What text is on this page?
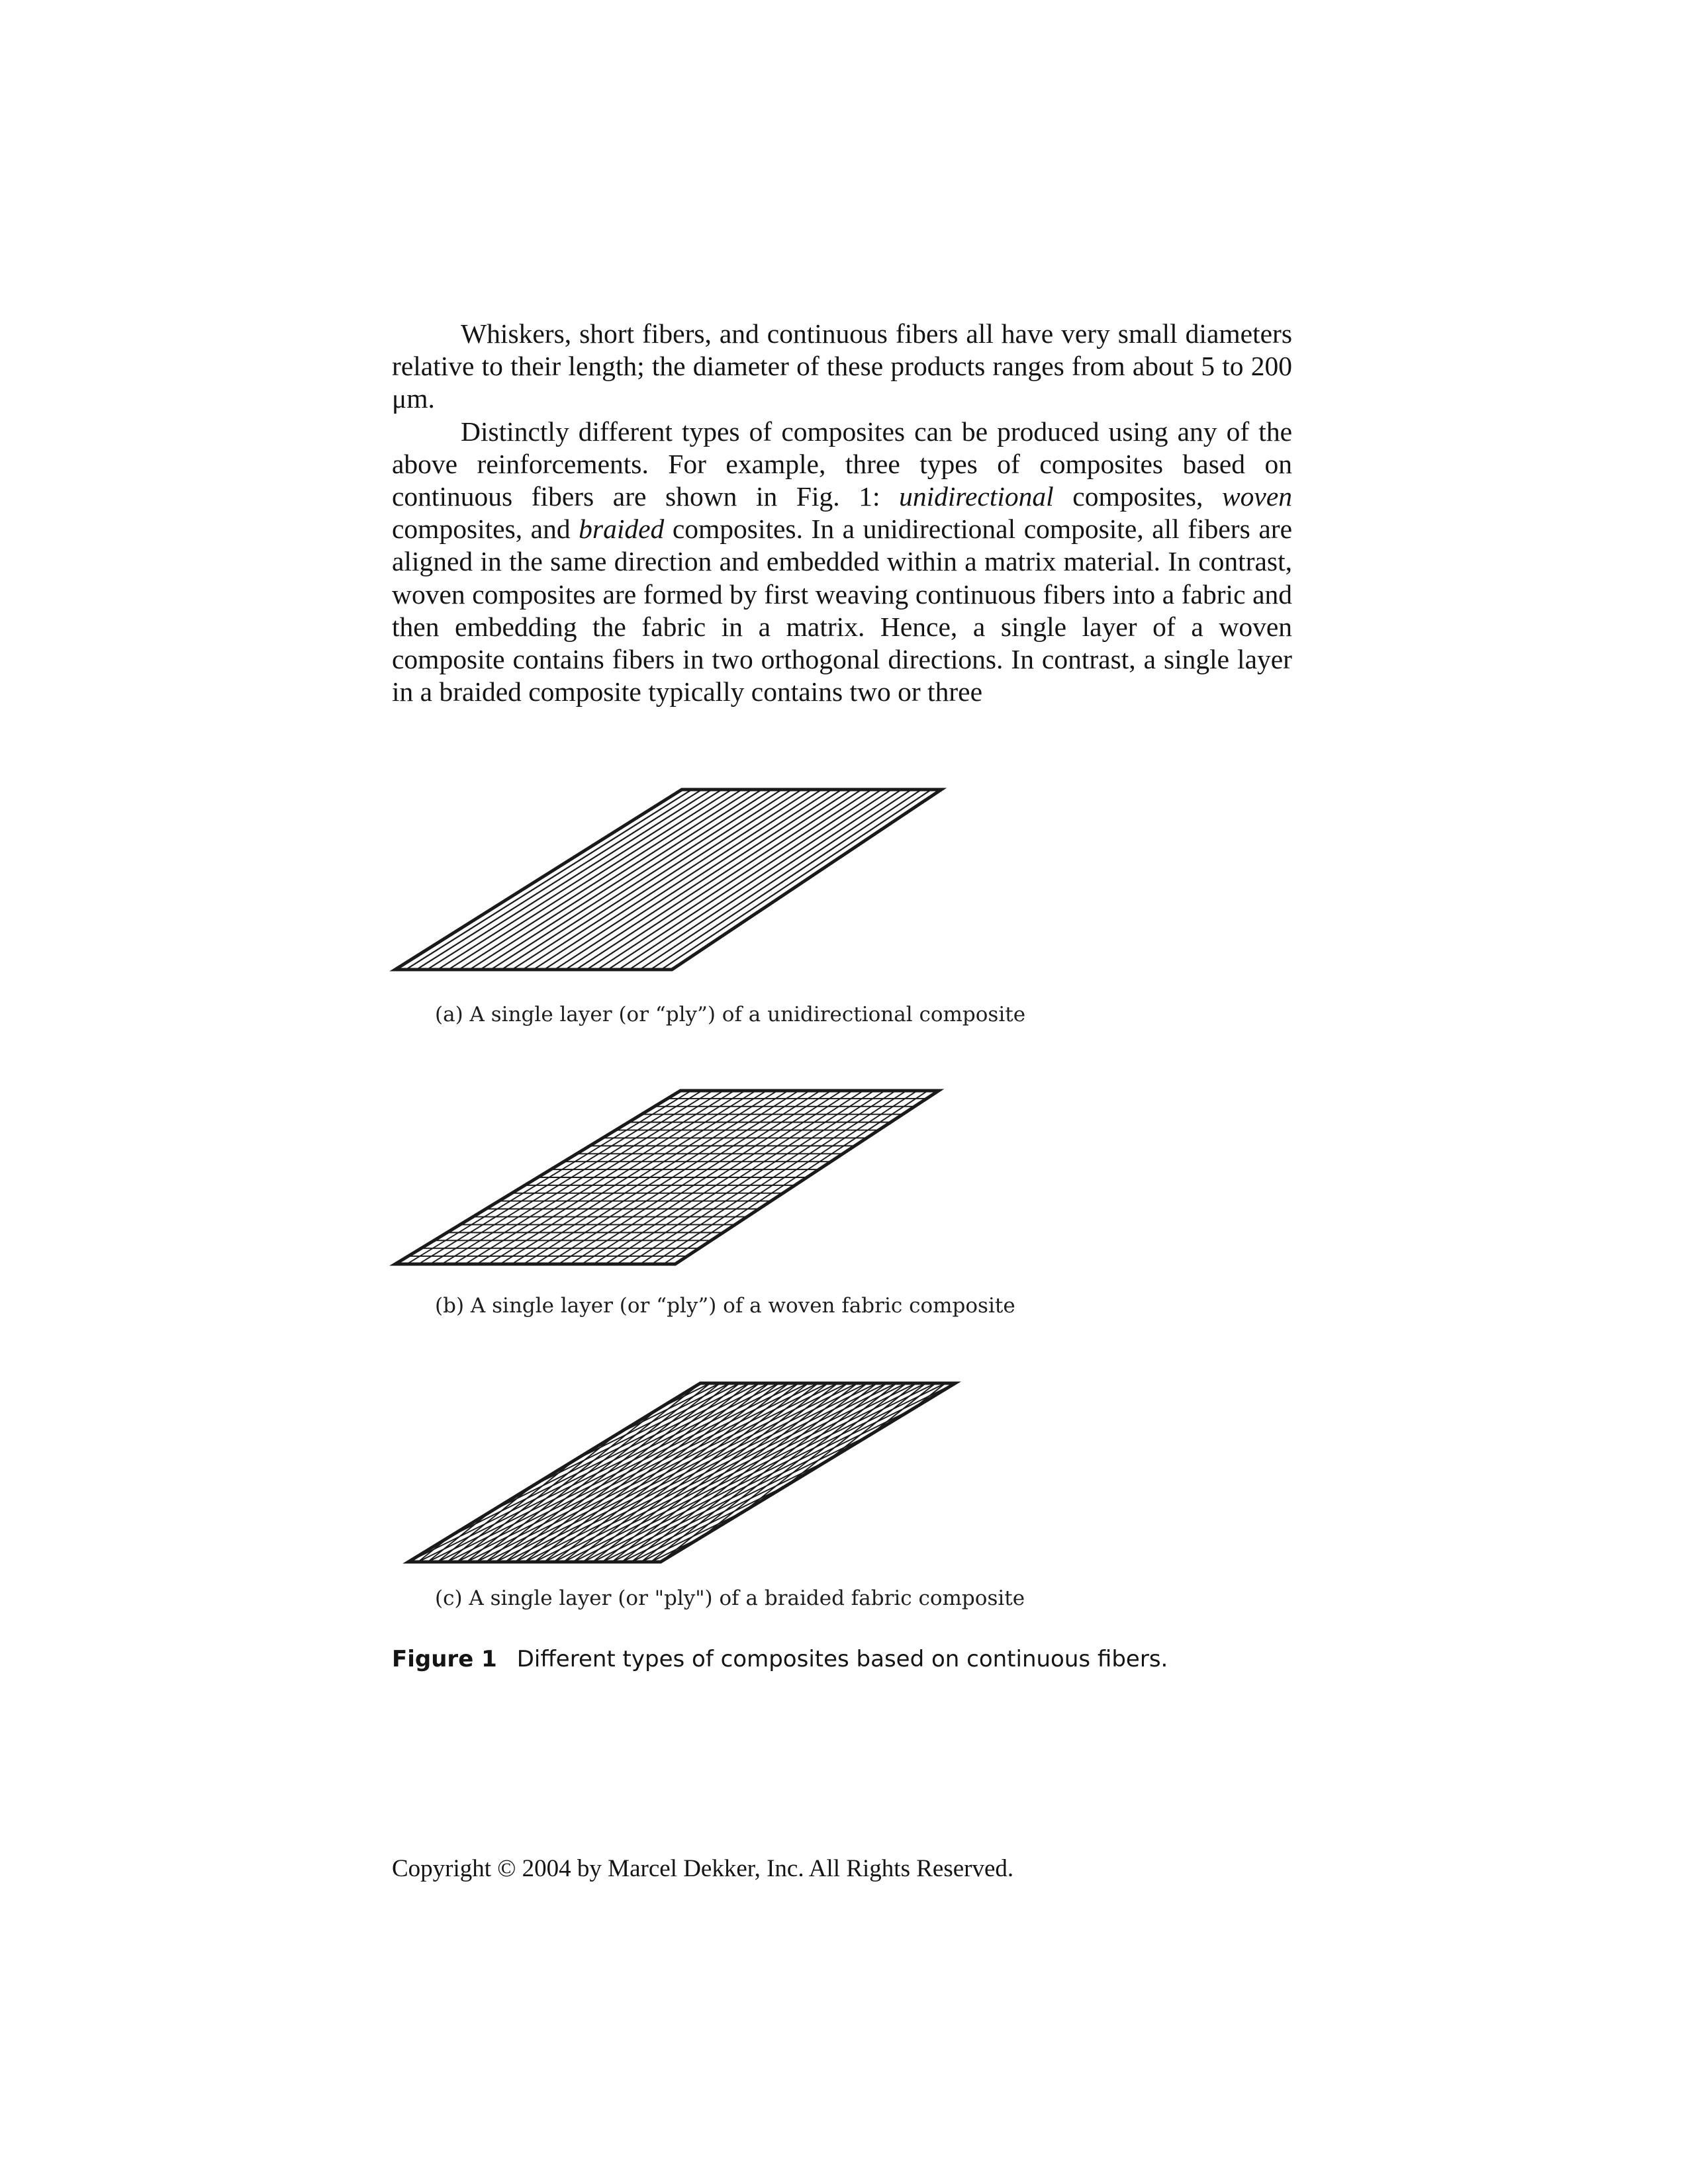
Whiskers, short fibers, and continuous fibers all have very small diameters relative to their length; the diameter of these products ranges from about 5 to 200 μm.

Distinctly different types of composites can be produced using any of the above reinforcements. For example, three types of composites based on continuous fibers are shown in Fig. 1: unidirectional composites, woven composites, and braided composites. In a unidirectional composite, all fibers are aligned in the same direction and embedded within a matrix material. In contrast, woven composites are formed by first weaving continuous fibers into a fabric and then embedding the fabric in a matrix. Hence, a single layer of a woven composite contains fibers in two orthogonal directions. In contrast, a single layer in a braided composite typically contains two or three

(a) A single layer (or “ply”) of a unidirectional composite
(b) A single layer (or “ply”) of a woven fabric composite
(c) A single layer (or "ply") of a braided fabric composite
Figure 1 Different types of composites based on continuous fibers.
Copyright © 2004 by Marcel Dekker, Inc. All Rights Reserved.
